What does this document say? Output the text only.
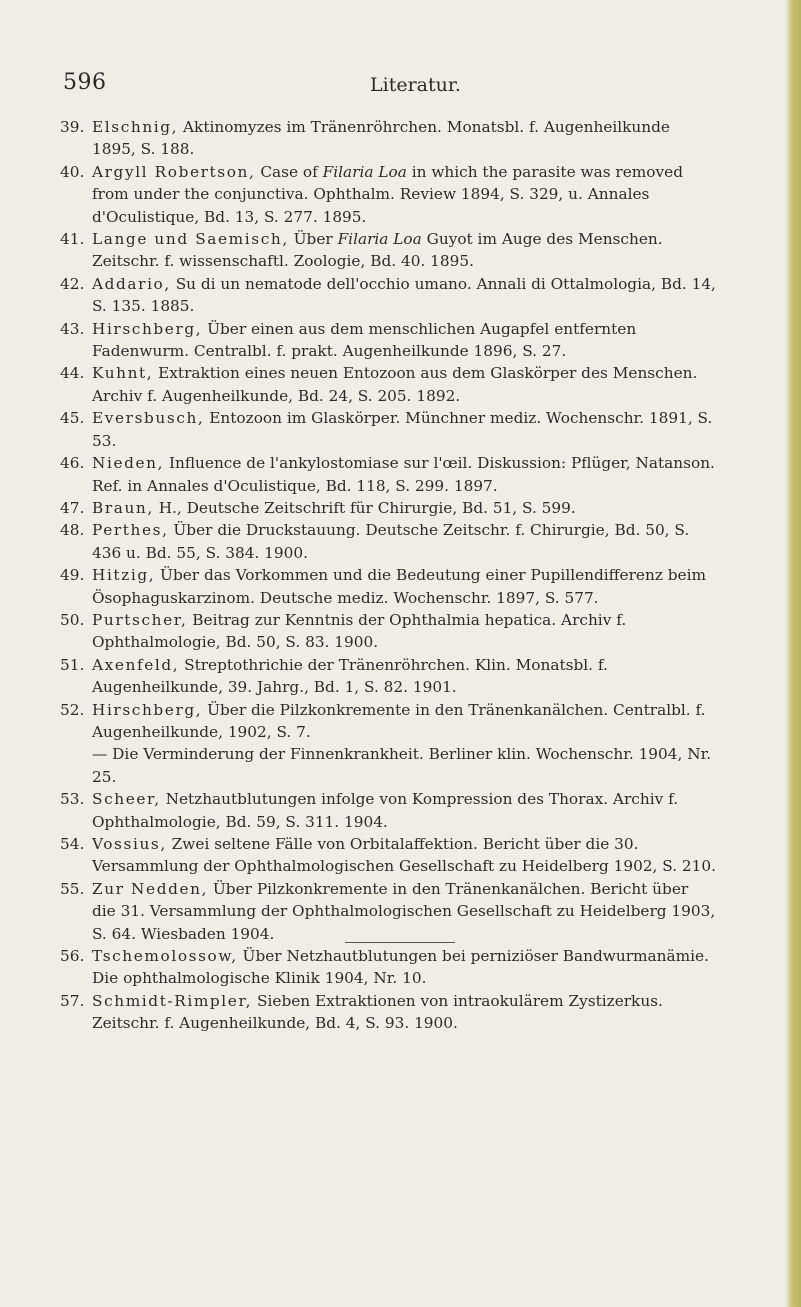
596	Literatur.
39. Elschnig, Aktinomyzes im Tränenröhrchen. Monatsbl. f. Augenheilkunde 1895, S. 188.
40. Argyll Robertson, Case of Filaria Loa in which the parasite was removed from under the conjunctiva. Ophthalm. Review 1894, S. 329, u. Annales d'Oculistique, Bd. 13, S. 277. 1895.
41. Lange und Saemisch, Über Filaria Loa Guyot im Auge des Menschen. Zeitschr. f. wissenschaftl. Zoologie, Bd. 40. 1895.
42. Addario, Su di un nematode dell'occhio umano. Annali di Ottalmologia, Bd. 14, S. 135. 1885.
43. Hirschberg, Über einen aus dem menschlichen Augapfel entfernten Fadenwurm. Centralbl. f. prakt. Augenheilkunde 1896, S. 27.
44. Kuhnt, Extraktion eines neuen Entozoon aus dem Glaskörper des Menschen. Archiv f. Augenheilkunde, Bd. 24, S. 205. 1892.
45. Eversbusch, Entozoon im Glaskörper. Münchner mediz. Wochenschr. 1891, S. 53.
46. Nieden, Influence de l'ankylostomiase sur l'œil. Diskussion: Pflüger, Natanson. Ref. in Annales d'Oculistique, Bd. 118, S. 299. 1897.
47. Braun, H., Deutsche Zeitschrift für Chirurgie, Bd. 51, S. 599.
48. Perthes, Über die Druckstauung. Deutsche Zeitschr. f. Chirurgie, Bd. 50, S. 436 u. Bd. 55, S. 384. 1900.
49. Hitzig, Über das Vorkommen und die Bedeutung einer Pupillendifferenz beim Ösophaguskarzinom. Deutsche mediz. Wochenschr. 1897, S. 577.
50. Purtscher, Beitrag zur Kenntnis der Ophthalmia hepatica. Archiv f. Ophthalmologie, Bd. 50, S. 83. 1900.
51. Axenfeld, Streptothrichie der Tränenröhrchen. Klin. Monatsbl. f. Augenheilkunde, 39. Jahrg., Bd. 1, S. 82. 1901.
52. Hirschberg, Über die Pilzkonkremente in den Tränenkanälchen. Centralbl. f. Augenheilkunde, 1902, S. 7.
— Die Verminderung der Finnenkrankheit. Berliner klin. Wochenschr. 1904, Nr. 25.
53. Scheer, Netzhautblutungen infolge von Kompression des Thorax. Archiv f. Ophthalmologie, Bd. 59, S. 311. 1904.
54. Vossius, Zwei seltene Fälle von Orbitalaffektion. Bericht über die 30. Versammlung der Ophthalmologischen Gesellschaft zu Heidelberg 1902, S. 210.
55. Zur Nedden, Über Pilzkonkremente in den Tränenkanälchen. Bericht über die 31. Versammlung der Ophthalmologischen Gesellschaft zu Heidelberg 1903, S. 64. Wiesbaden 1904.
56. Tschemolossow, Über Netzhautblutungen bei perniziöser Bandwurmanämie. Die ophthalmologische Klinik 1904, Nr. 10.
57. Schmidt-Rimpler, Sieben Extraktionen von intraokulärem Zystizerkus. Zeitschr. f. Augenheilkunde, Bd. 4, S. 93. 1900.
